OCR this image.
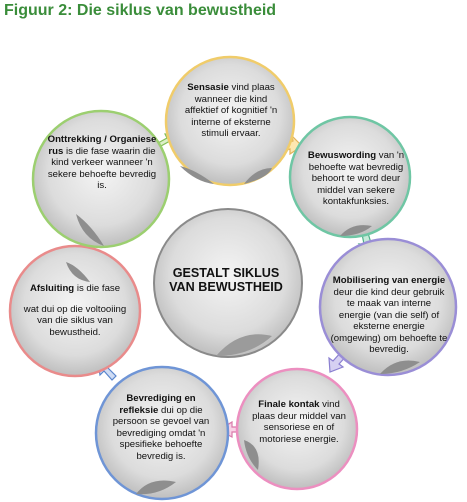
Figuur 2: Die siklus van bewustheid
GESTALT SIKLUS
VAN BEWUSTHEID
Sensasie vind plaas wanneer die kind affektief of kognitief 'n interne of eksterne stimuli ervaar.
Bewuswording van 'n behoefte wat bevredig behoort te word deur middel van sekere kontakfunksies.
Mobilisering van energie deur die kind deur gebruik te maak van interne energie (van die self) of eksterne energie (omgewing) om behoefte te bevredig.
Finale kontak vind plaas deur middel van sensoriese en of motoriese energie.
Bevrediging en refleksie dui op die persoon se gevoel van bevrediging omdat 'n spesifieke behoefte bevredig is.
Afsluiting is die fase
wat dui op die voltooiing van die siklus van bewustheid.
Onttrekking / Organiese rus is die fase waarin die kind verkeer wanneer 'n sekere behoefte bevredig is.
